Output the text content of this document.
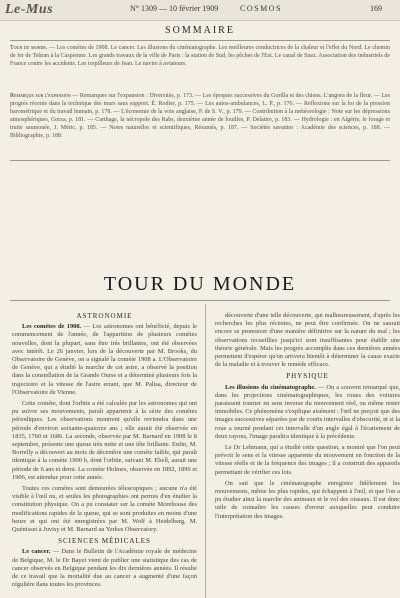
Le-Mus	N° 1309 — 10 février 1909	COSMOS	169
SOMMAIRE
Tour du monde. — Les comètes de 1908. Le cancer. Les illusions du cinématographe. Les meilleures conductrices de la chaleur et l'effet du Nord. Le chemin de fer de Tehran à la Caspienne. Les grands travaux de la ville de Paris : la station de Sud, les pêches de l'Est. Le canal de Suez. Association des industriels de France contre les accidents. Les torpilleurs de Jean. Le navire à aviateurs.
Remarque sur l'expansion — Remarques sur l'expansion : Diversités, p. 173. — Les époques successives du Gorilla et des chiens. L'angora de la fleur. — Les progrès récents dans la technique des murs sans support. É. Rodier, p. 175. — Les autos-ambulances, L. P., p. 176. — Reflexions sur la loi de la pression barométrique et du travail humain, p. 178. — L'économie de la voie anglaise, P. de S. V., p. 179. — Contribution à la météorologie : Note sur les dépressions atmosphériques, Gorza, p. 181. — Carthage, la nécropole des Rabs, deuxième année de fouilles, P. Delattre, p. 183. — Hydrologie : en Algérie, le forage et truite saumonée, J. Méric, p. 185. — Notes naturelles et scientifiques, Résumés, p. 187. — Sociétés savantes : Académie des sciences, p. 188. — Bibliographie, p. 188.
TOUR DU MONDE
ASTRONOMIE

Les comètes de 1908. — Les astronomes ont bénéficié, depuis le commencement de l'année, de l'apparition de plusieurs comètes nouvelles, dont la plupart, sans être très brillantes, ont été observées avec intérêt. Le 26 janvier, lors de la découverte par M. Brooks, du Observatoire de Genève, on a signalé la comète 1908 a. L'Observatoire de Genève, qui a étudié la marche de cet astre, a observé la position dans la constellation de la Grande Ourse et a déterminé plusieurs fois la trajectoire et la vitesse de l'astre errant, que M. Palisa, directeur de l'Observatoire de Vienne.

Cette comète, dont l'orbite a été calculée par les astronomes qui ont pu suivre ses mouvements, paraît appartenir à la série des comètes périodiques. Les observations montrent qu'elle reviendra dans une période d'environ soixante-quatorze ans ; elle aurait été observée en 1835, 1760 et 1686. La seconde, observée par M. Barnard en 1908 le 8 septembre, présente une queue très nette et une tête brillante. Enfin, M. Borrelly a découvert au mois de décembre une comète faible, qui paraît identique à la comète 1900 b, dont l'orbite, suivant M. Ebell, aurait une période de 6 ans et demi. La comète Holmes, observée en 1892, 1899 et 1906, est attendue pour cette année.

Toutes ces comètes sont demeurées télescopiques ; aucune n'a été visible à l'œil nu, et seules les photographies ont permis d'en étudier la constitution physique. On a pu constater sur la comète Morehouse des modifications rapides de la queue, qui se sont produites en moins d'une heure et qui ont été enregistrées par M. Wolf à Heidelberg, M. Quénisset à Juvisy et M. Barnard au Yerkes Observatory.

SCIENCES MÉDICALES

Le cancer. — Dans le Bulletin de l'Académie royale de médecine de Belgique, M. le Dr Bayet vient de publier une statistique des cas de cancer observés en Belgique pendant les dix dernières années. Il résulte de ce travail que la mortalité due au cancer a augmenté d'une façon régulière dans toutes les provinces.

découverte d'une telle découverte, qui malheureusement, d'après les recherches les plus récentes, ne peut être confirmée. On ne saurait encore se prononcer d'une manière définitive sur la nature du mal ; les observations recueillies jusqu'ici sont insuffisantes pour établir une théorie générale. Mais les progrès accomplis dans ces dernières années permettent d'espérer qu'on arrivera bientôt à déterminer la cause exacte de la maladie et à trouver le remède efficace.

PHYSIQUE

Les illusions du cinématographe. — On a souvent remarqué que, dans les projections cinématographiques, les roues des voitures paraissent tourner en sens inverse du mouvement réel, ou même rester immobiles. Ce phénomène s'explique aisément : l'œil ne perçoit que des images successives séparées par de courts intervalles d'obscurité, et si la roue a tourné pendant cet intervalle d'un angle égal à l'écartement de deux rayons, l'image paraîtra identique à la précédente.

Le Dr Lehmann, qui a étudié cette question, a montré que l'on peut prévoir le sens et la vitesse apparente du mouvement en fonction de la vitesse réelle et de la fréquence des images ; il a construit des appareils permettant de vérifier ces lois.

On sait que le cinématographe enregistre fidèlement les mouvements, même les plus rapides, qui échappent à l'œil, et que l'on a pu étudier ainsi la marche des animaux et le vol des oiseaux. Il est donc utile de connaître les causes d'erreur auxquelles peut conduire l'interprétation des images.
